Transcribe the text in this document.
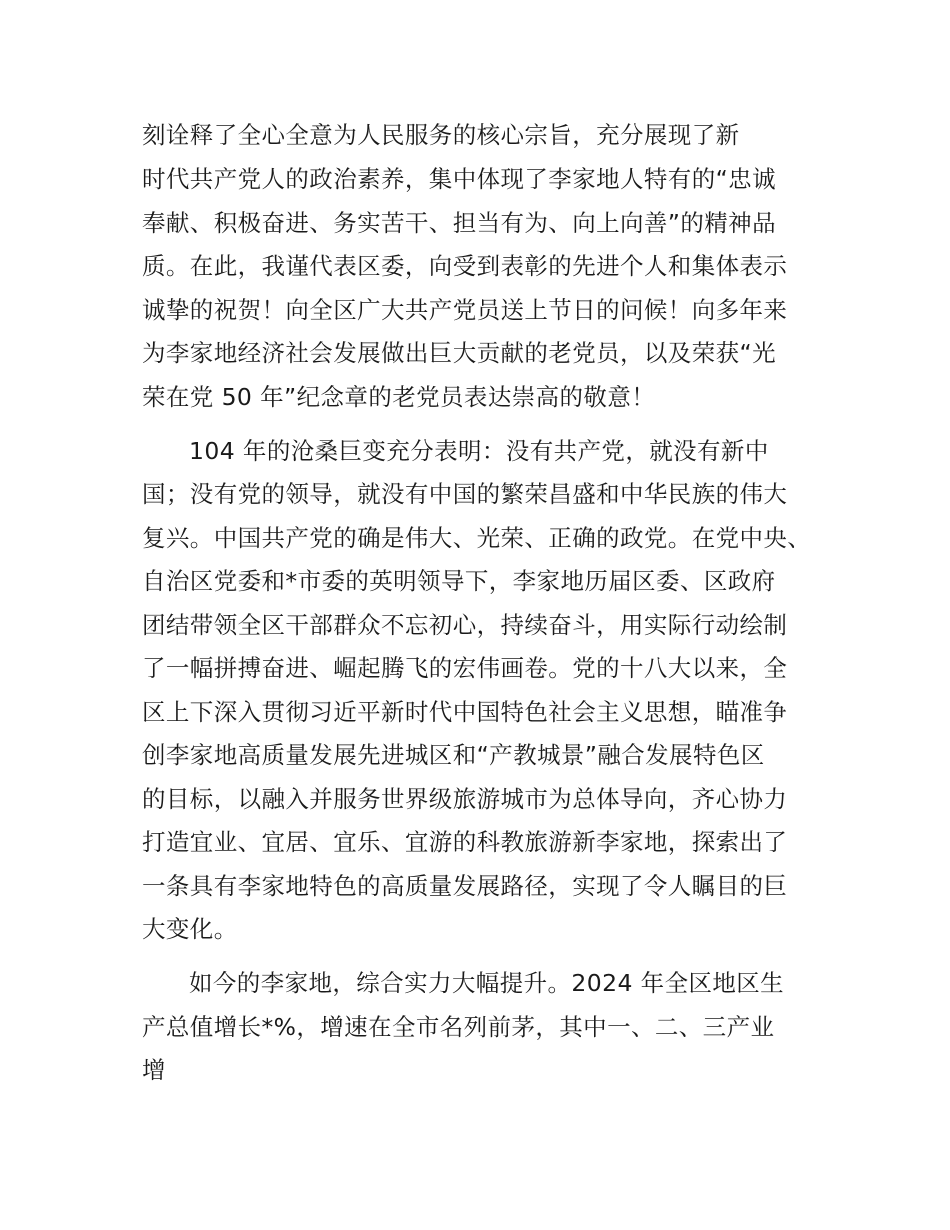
刻诠释了全心全意为人民服务的核心宗旨，充分展现了新
时代共产党人的政治素养，集中体现了李家地人特有的“忠诚
奉献、积极奋进、务实苦干、担当有为、向上向善”的精神品
质。在此，我谨代表区委，向受到表彰的先进个人和集体表示
诚挚的祝贺！向全区广大共产党员送上节日的问候！向多年来
为李家地经济社会发展做出巨大贡献的老党员，以及荣获“光
荣在党 50 年”纪念章的老党员表达崇高的敬意！
104 年的沧桑巨变充分表明：没有共产党，就没有新中
国；没有党的领导，就没有中国的繁荣昌盛和中华民族的伟大
复兴。中国共产党的确是伟大、光荣、正确的政党。在党中央、
自治区党委和*市委的英明领导下，李家地历届区委、区政府
团结带领全区干部群众不忘初心，持续奋斗，用实际行动绘制
了一幅拼搏奋进、崛起腾飞的宏伟画卷。党的十八大以来，全
区上下深入贯彻习近平新时代中国特色社会主义思想，瞄准争
创李家地高质量发展先进城区和“产教城景”融合发展特色区
的目标，以融入并服务世界级旅游城市为总体导向，齐心协力
打造宜业、宜居、宜乐、宜游的科教旅游新李家地，探索出了
一条具有李家地特色的高质量发展路径，实现了令人瞩目的巨
大变化。
如今的李家地，综合实力大幅提升。2024 年全区地区生
产总值增长*%，增速在全市名列前茅，其中一、二、三产业
增
